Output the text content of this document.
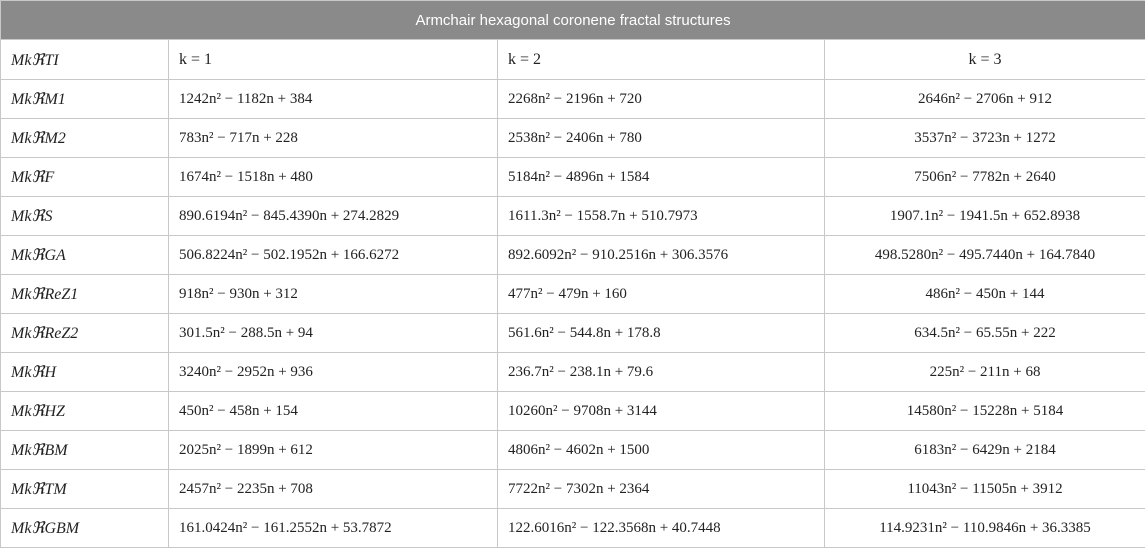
Armchair hexagonal coronene fractal structures			
MkℜTI	k = 1	k = 2	k = 3
MkℜM1	1242n² − 1182n + 384	2268n² − 2196n + 720	2646n² − 2706n + 912
MkℜM2	783n² − 717n + 228	2538n² − 2406n + 780	3537n² − 3723n + 1272
MkℜF	1674n² − 1518n + 480	5184n² − 4896n + 1584	7506n² − 7782n + 2640
MkℜS	890.6194n² − 845.4390n + 274.2829	1611.3n² − 1558.7n + 510.7973	1907.1n² − 1941.5n + 652.8938
MkℜGA	506.8224n² − 502.1952n + 166.6272	892.6092n² − 910.2516n + 306.3576	498.5280n² − 495.7440n + 164.7840
MkℜReZ1	918n² − 930n + 312	477n² − 479n + 160	486n² − 450n + 144
MkℜReZ2	301.5n² − 288.5n + 94	561.6n² − 544.8n + 178.8	634.5n² − 65.55n + 222
MkℜH	3240n² − 2952n + 936	236.7n² − 238.1n + 79.6	225n² − 211n + 68
MkℜHZ	450n² − 458n + 154	10260n² − 9708n + 3144	14580n² − 15228n + 5184
MkℜBM	2025n² − 1899n + 612	4806n² − 4602n + 1500	6183n² − 6429n + 2184
MkℜTM	2457n² − 2235n + 708	7722n² − 7302n + 2364	11043n² − 11505n + 3912
MkℜGBM	161.0424n² − 161.2552n + 53.7872	122.6016n² − 122.3568n + 40.7448	114.9231n² − 110.9846n + 36.3385
